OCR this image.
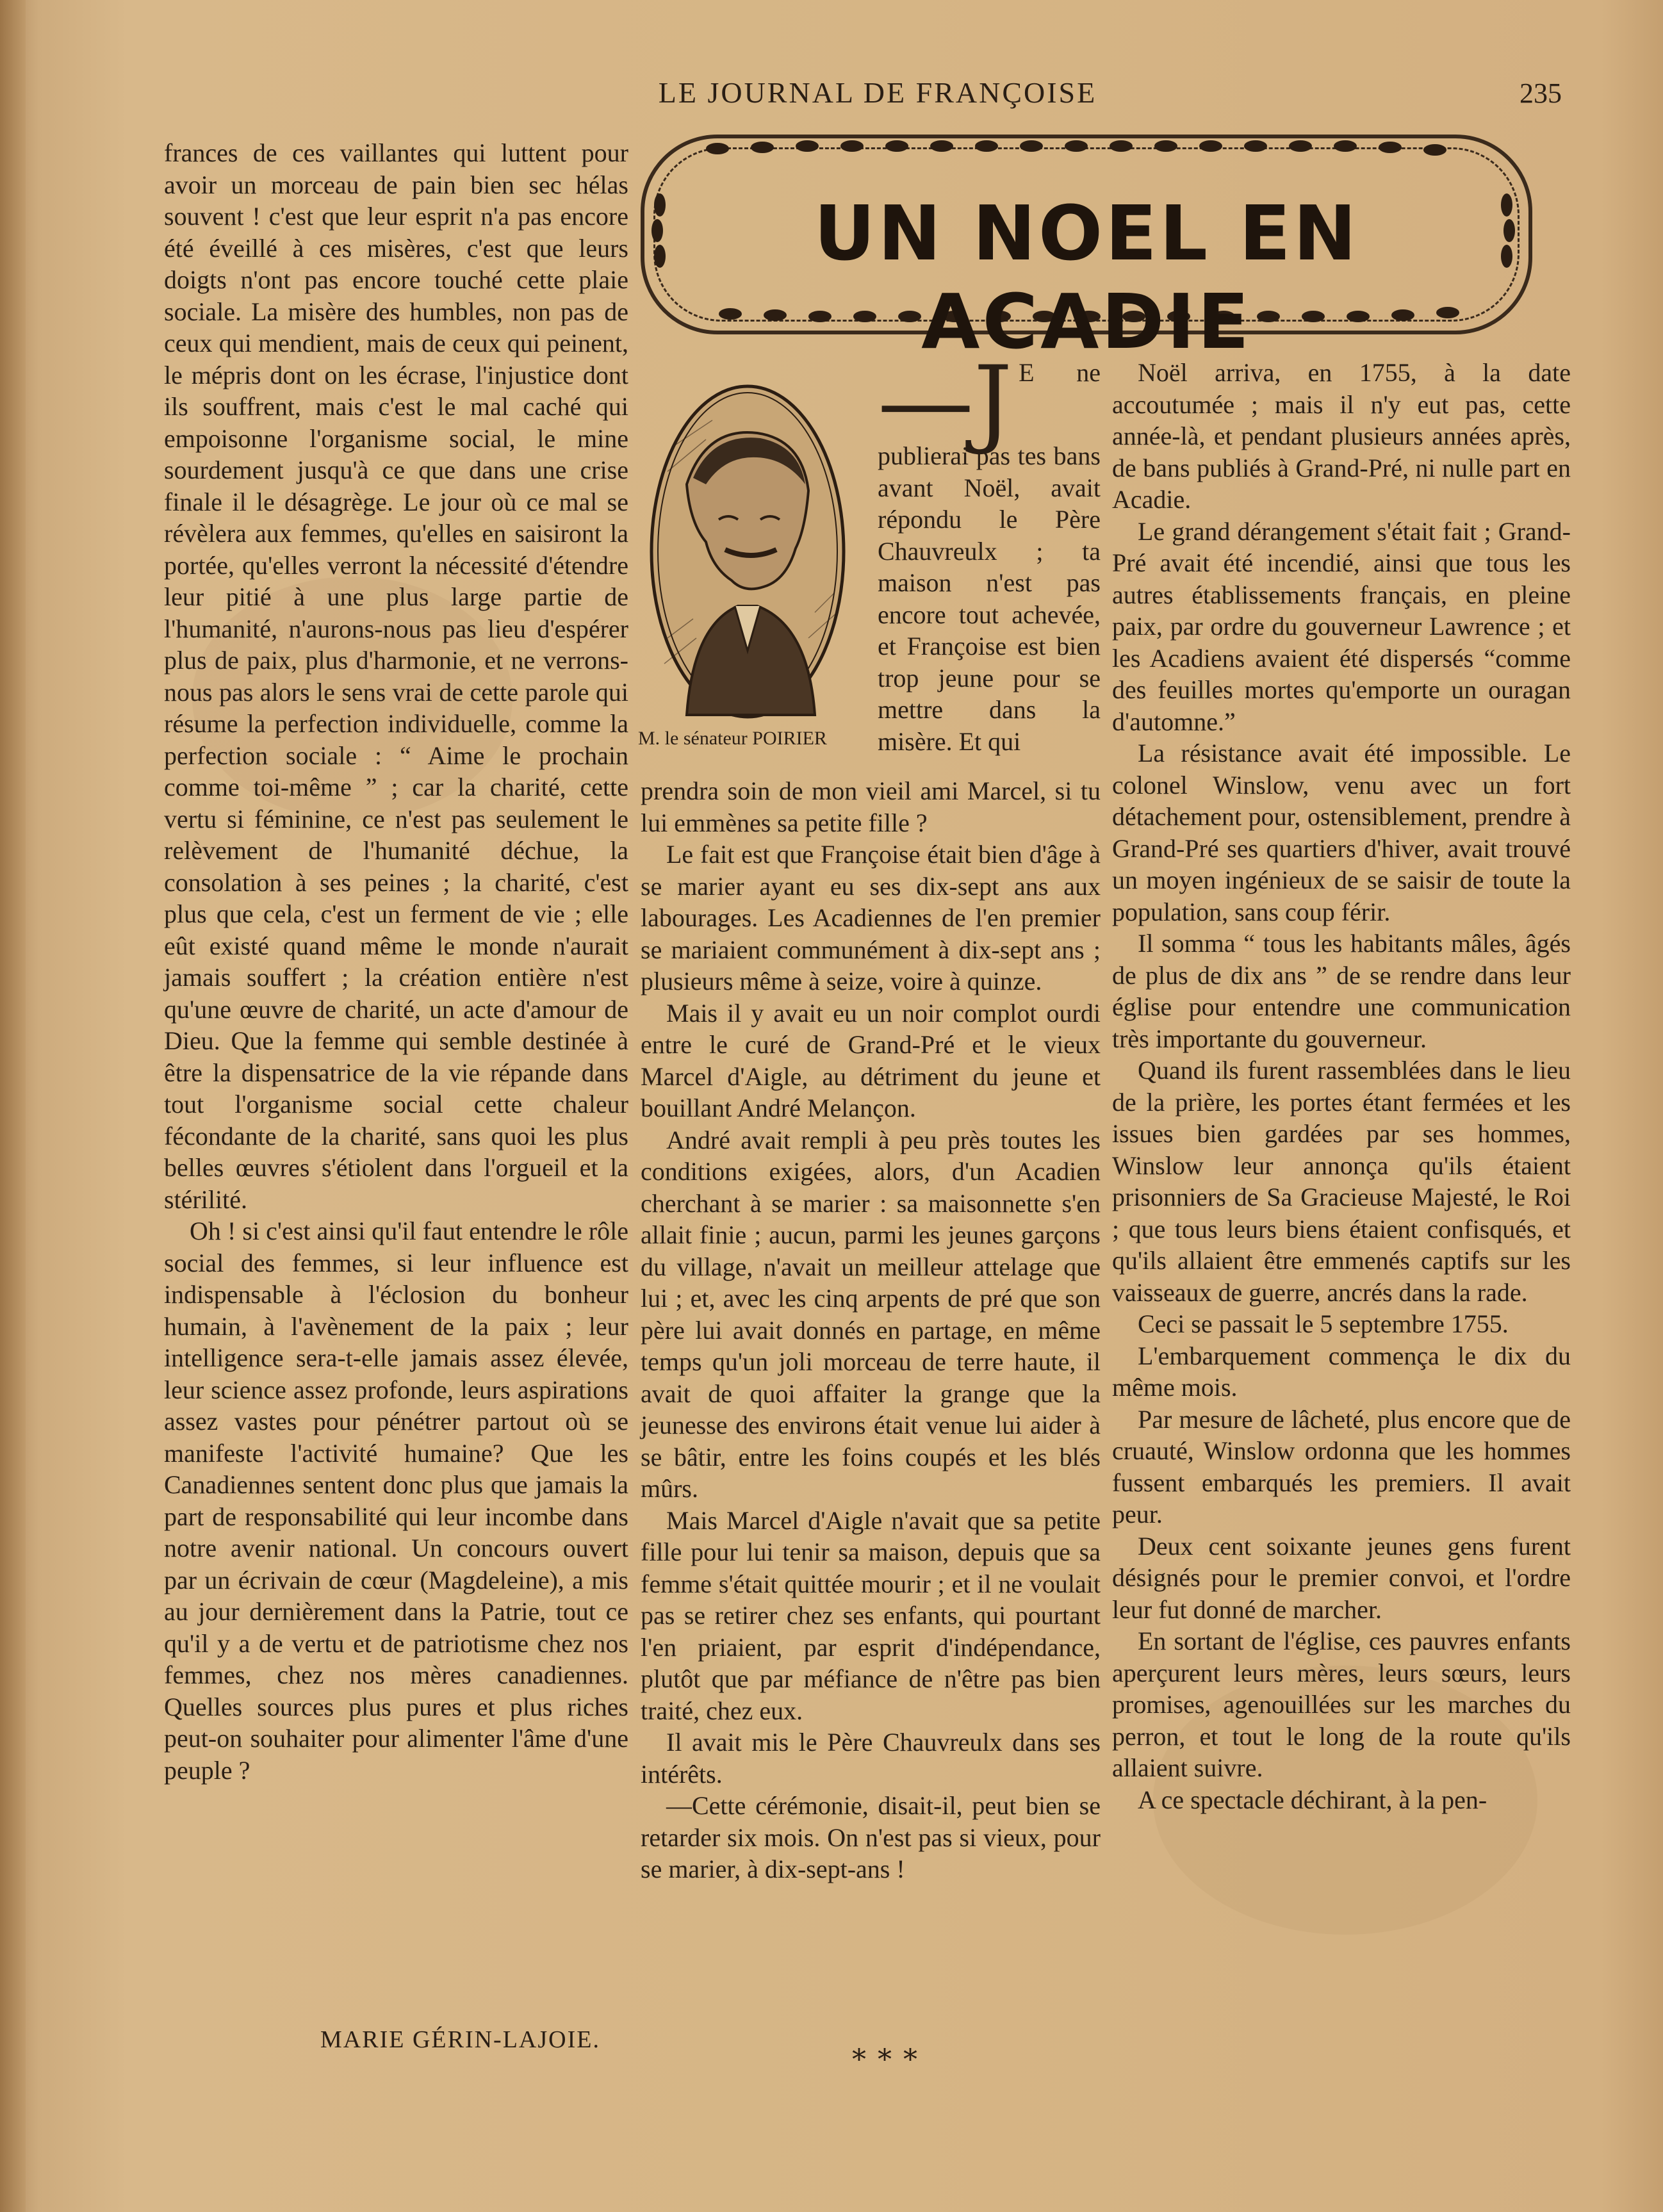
LE JOURNAL DE FRANÇOISE	235

frances de ces vaillantes qui luttent pour avoir un morceau de pain bien sec hélas souvent ! c'est que leur esprit n'a pas encore été éveillé à ces misères, c'est que leurs doigts n'ont pas encore touché cette plaie sociale. La misère des humbles, non pas de ceux qui mendient, mais de ceux qui peinent, le mépris dont on les écrase, l'injustice dont ils souffrent, mais c'est le mal caché qui empoisonne l'organisme social, le mine sourdement jusqu'à ce que dans une crise finale il le désagrège. Le jour où ce mal se révèlera aux femmes, qu'elles en saisiront la portée, qu'elles verront la nécessité d'étendre leur pitié à une plus large partie de l'humanité, n'aurons-nous pas lieu d'espérer plus de paix, plus d'harmonie, et ne verrons-nous pas alors le sens vrai de cette parole qui résume la perfection individuelle, comme la perfection sociale : “ Aime le prochain comme toi-même ” ; car la charité, cette vertu si féminine, ce n'est pas seulement le relèvement de l'humanité déchue, la consolation à ses peines ; la charité, c'est plus que cela, c'est un ferment de vie ; elle eût existé quand même le monde n'aurait jamais souffert ; la création entière n'est qu'une œuvre de charité, un acte d'amour de Dieu. Que la femme qui semble destinée à être la dispensatrice de la vie répande dans tout l'organisme social cette chaleur fécondante de la charité, sans quoi les plus belles œuvres s'étiolent dans l'orgueil et la stérilité.

Oh ! si c'est ainsi qu'il faut entendre le rôle social des femmes, si leur influence est indispensable à l'éclosion du bonheur humain, à l'avènement de la paix ; leur intelligence sera-t-elle jamais assez élevée, leur science assez profonde, leurs aspirations assez vastes pour pénétrer partout où se manifeste l'activité humaine? Que les Canadiennes sentent donc plus que jamais la part de responsabilité qui leur incombe dans notre avenir national. Un concours ouvert par un écrivain de cœur (Magdeleine), a mis au jour dernièrement dans la Patrie, tout ce qu'il y a de vertu et de patriotisme chez nos femmes, chez nos mères canadiennes. Quelles sources plus pures et plus riches peut-on souhaiter pour alimenter l'âme d'une peuple ?

MARIE GÉRIN-LAJOIE.
UN NOEL EN ACADIE
M. le sénateur POIRIER
—J E ne publierai pas tes bans avant Noël, avait répondu le Père Chauvreulx ; ta maison n'est pas encore tout achevée, et Françoise est bien trop jeune pour se mettre dans la misère. Et qui

prendra soin de mon vieil ami Marcel, si tu lui emmènes sa petite fille ?

Le fait est que Françoise était bien d'âge à se marier ayant eu ses dix-sept ans aux labourages. Les Acadiennes de l'en premier se mariaient communément à dix-sept ans ; plusieurs même à seize, voire à quinze.

Mais il y avait eu un noir complot ourdi entre le curé de Grand-Pré et le vieux Marcel d'Aigle, au détriment du jeune et bouillant André Melançon.

André avait rempli à peu près toutes les conditions exigées, alors, d'un Acadien cherchant à se marier : sa maisonnette s'en allait finie ; aucun, parmi les jeunes garçons du village, n'avait un meilleur attelage que lui ; et, avec les cinq arpents de pré que son père lui avait donnés en partage, en même temps qu'un joli morceau de terre haute, il avait de quoi affaiter la grange que la jeunesse des environs était venue lui aider à se bâtir, entre les foins coupés et les blés mûrs.

Mais Marcel d'Aigle n'avait que sa petite fille pour lui tenir sa maison, depuis que sa femme s'était quittée mourir ; et il ne voulait pas se retirer chez ses enfants, qui pourtant l'en priaient, par esprit d'indépendance, plutôt que par méfiance de n'être pas bien traité, chez eux.

Il avait mis le Père Chauvreulx dans ses intérêts.

—Cette cérémonie, disait-il, peut bien se retarder six mois. On n'est pas si vieux, pour se marier, à dix-sept-ans !

* * *

Noël arriva, en 1755, à la date accoutumée ; mais il n'y eut pas, cette année-là, et pendant plusieurs années après, de bans publiés à Grand-Pré, ni nulle part en Acadie.

Le grand dérangement s'était fait ; Grand-Pré avait été incendié, ainsi que tous les autres établissements français, en pleine paix, par ordre du gouverneur Lawrence ; et les Acadiens avaient été dispersés “comme des feuilles mortes qu'emporte un ouragan d'automne.”

La résistance avait été impossible. Le colonel Winslow, venu avec un fort détachement pour, ostensiblement, prendre à Grand-Pré ses quartiers d'hiver, avait trouvé un moyen ingénieux de se saisir de toute la population, sans coup férir.

Il somma “ tous les habitants mâles, âgés de plus de dix ans ” de se rendre dans leur église pour entendre une communication très importante du gouverneur.

Quand ils furent rassemblées dans le lieu de la prière, les portes étant fermées et les issues bien gardées par ses hommes, Winslow leur annonça qu'ils étaient prisonniers de Sa Gracieuse Majesté, le Roi ; que tous leurs biens étaient confisqués, et qu'ils allaient être emmenés captifs sur les vaisseaux de guerre, ancrés dans la rade.

Ceci se passait le 5 septembre 1755.

L'embarquement commença le dix du même mois.

Par mesure de lâcheté, plus encore que de cruauté, Winslow ordonna que les hommes fussent embarqués les premiers. Il avait peur.

Deux cent soixante jeunes gens furent désignés pour le premier convoi, et l'ordre leur fut donné de marcher.

En sortant de l'église, ces pauvres enfants aperçurent leurs mères, leurs sœurs, leurs promises, agenouillées sur les marches du perron, et tout le long de la route qu'ils allaient suivre.

A ce spectacle déchirant, à la pen-
